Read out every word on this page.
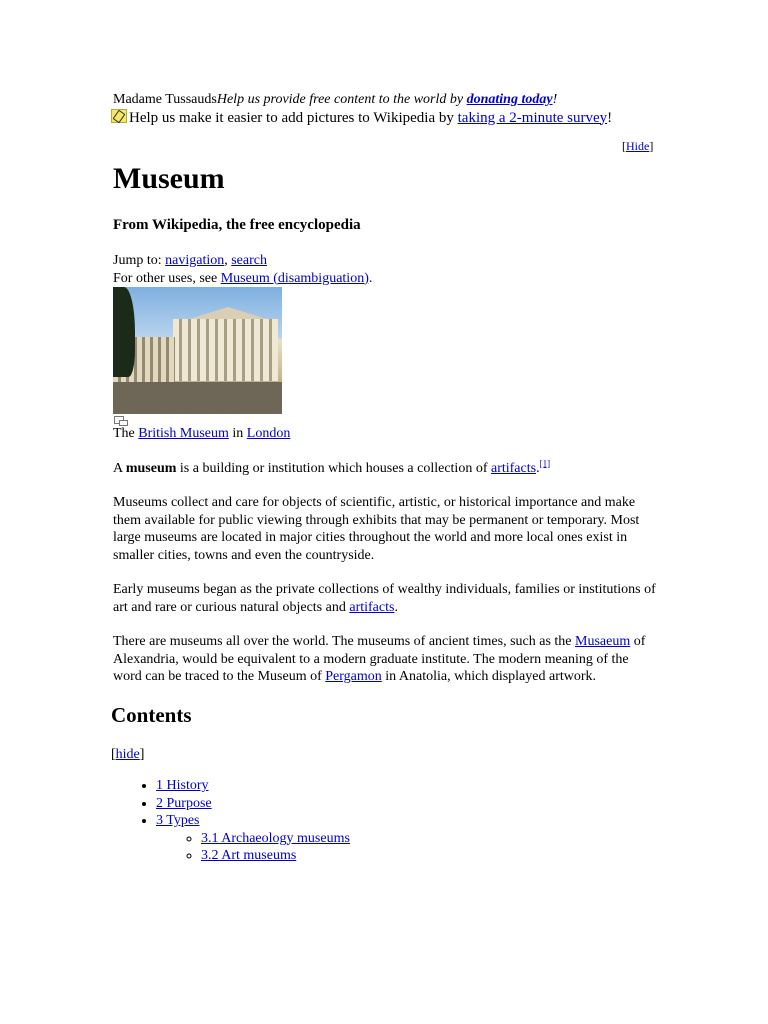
Madame TussaudsHelp us provide free content to the world by donating today!
Help us make it easier to add pictures to Wikipedia by taking a 2-minute survey!
[Hide]
Museum
From Wikipedia, the free encyclopedia
Jump to: navigation, search
For other uses, see Museum (disambiguation).
The British Museum in London

A museum is a building or institution which houses a collection of artifacts.[1]

Museums collect and care for objects of scientific, artistic, or historical importance and make them available for public viewing through exhibits that may be permanent or temporary. Most large museums are located in major cities throughout the world and more local ones exist in smaller cities, towns and even the countryside.

Early museums began as the private collections of wealthy individuals, families or institutions of art and rare or curious natural objects and artifacts.

There are museums all over the world. The museums of ancient times, such as the Musaeum of Alexandria, would be equivalent to a modern graduate institute. The modern meaning of the word can be traced to the Museum of Pergamon in Anatolia, which displayed artwork.

Contents
[hide]
• 1 History
• 2 Purpose
• 3 Types
◦ 3.1 Archaeology museums
◦ 3.2 Art museums
